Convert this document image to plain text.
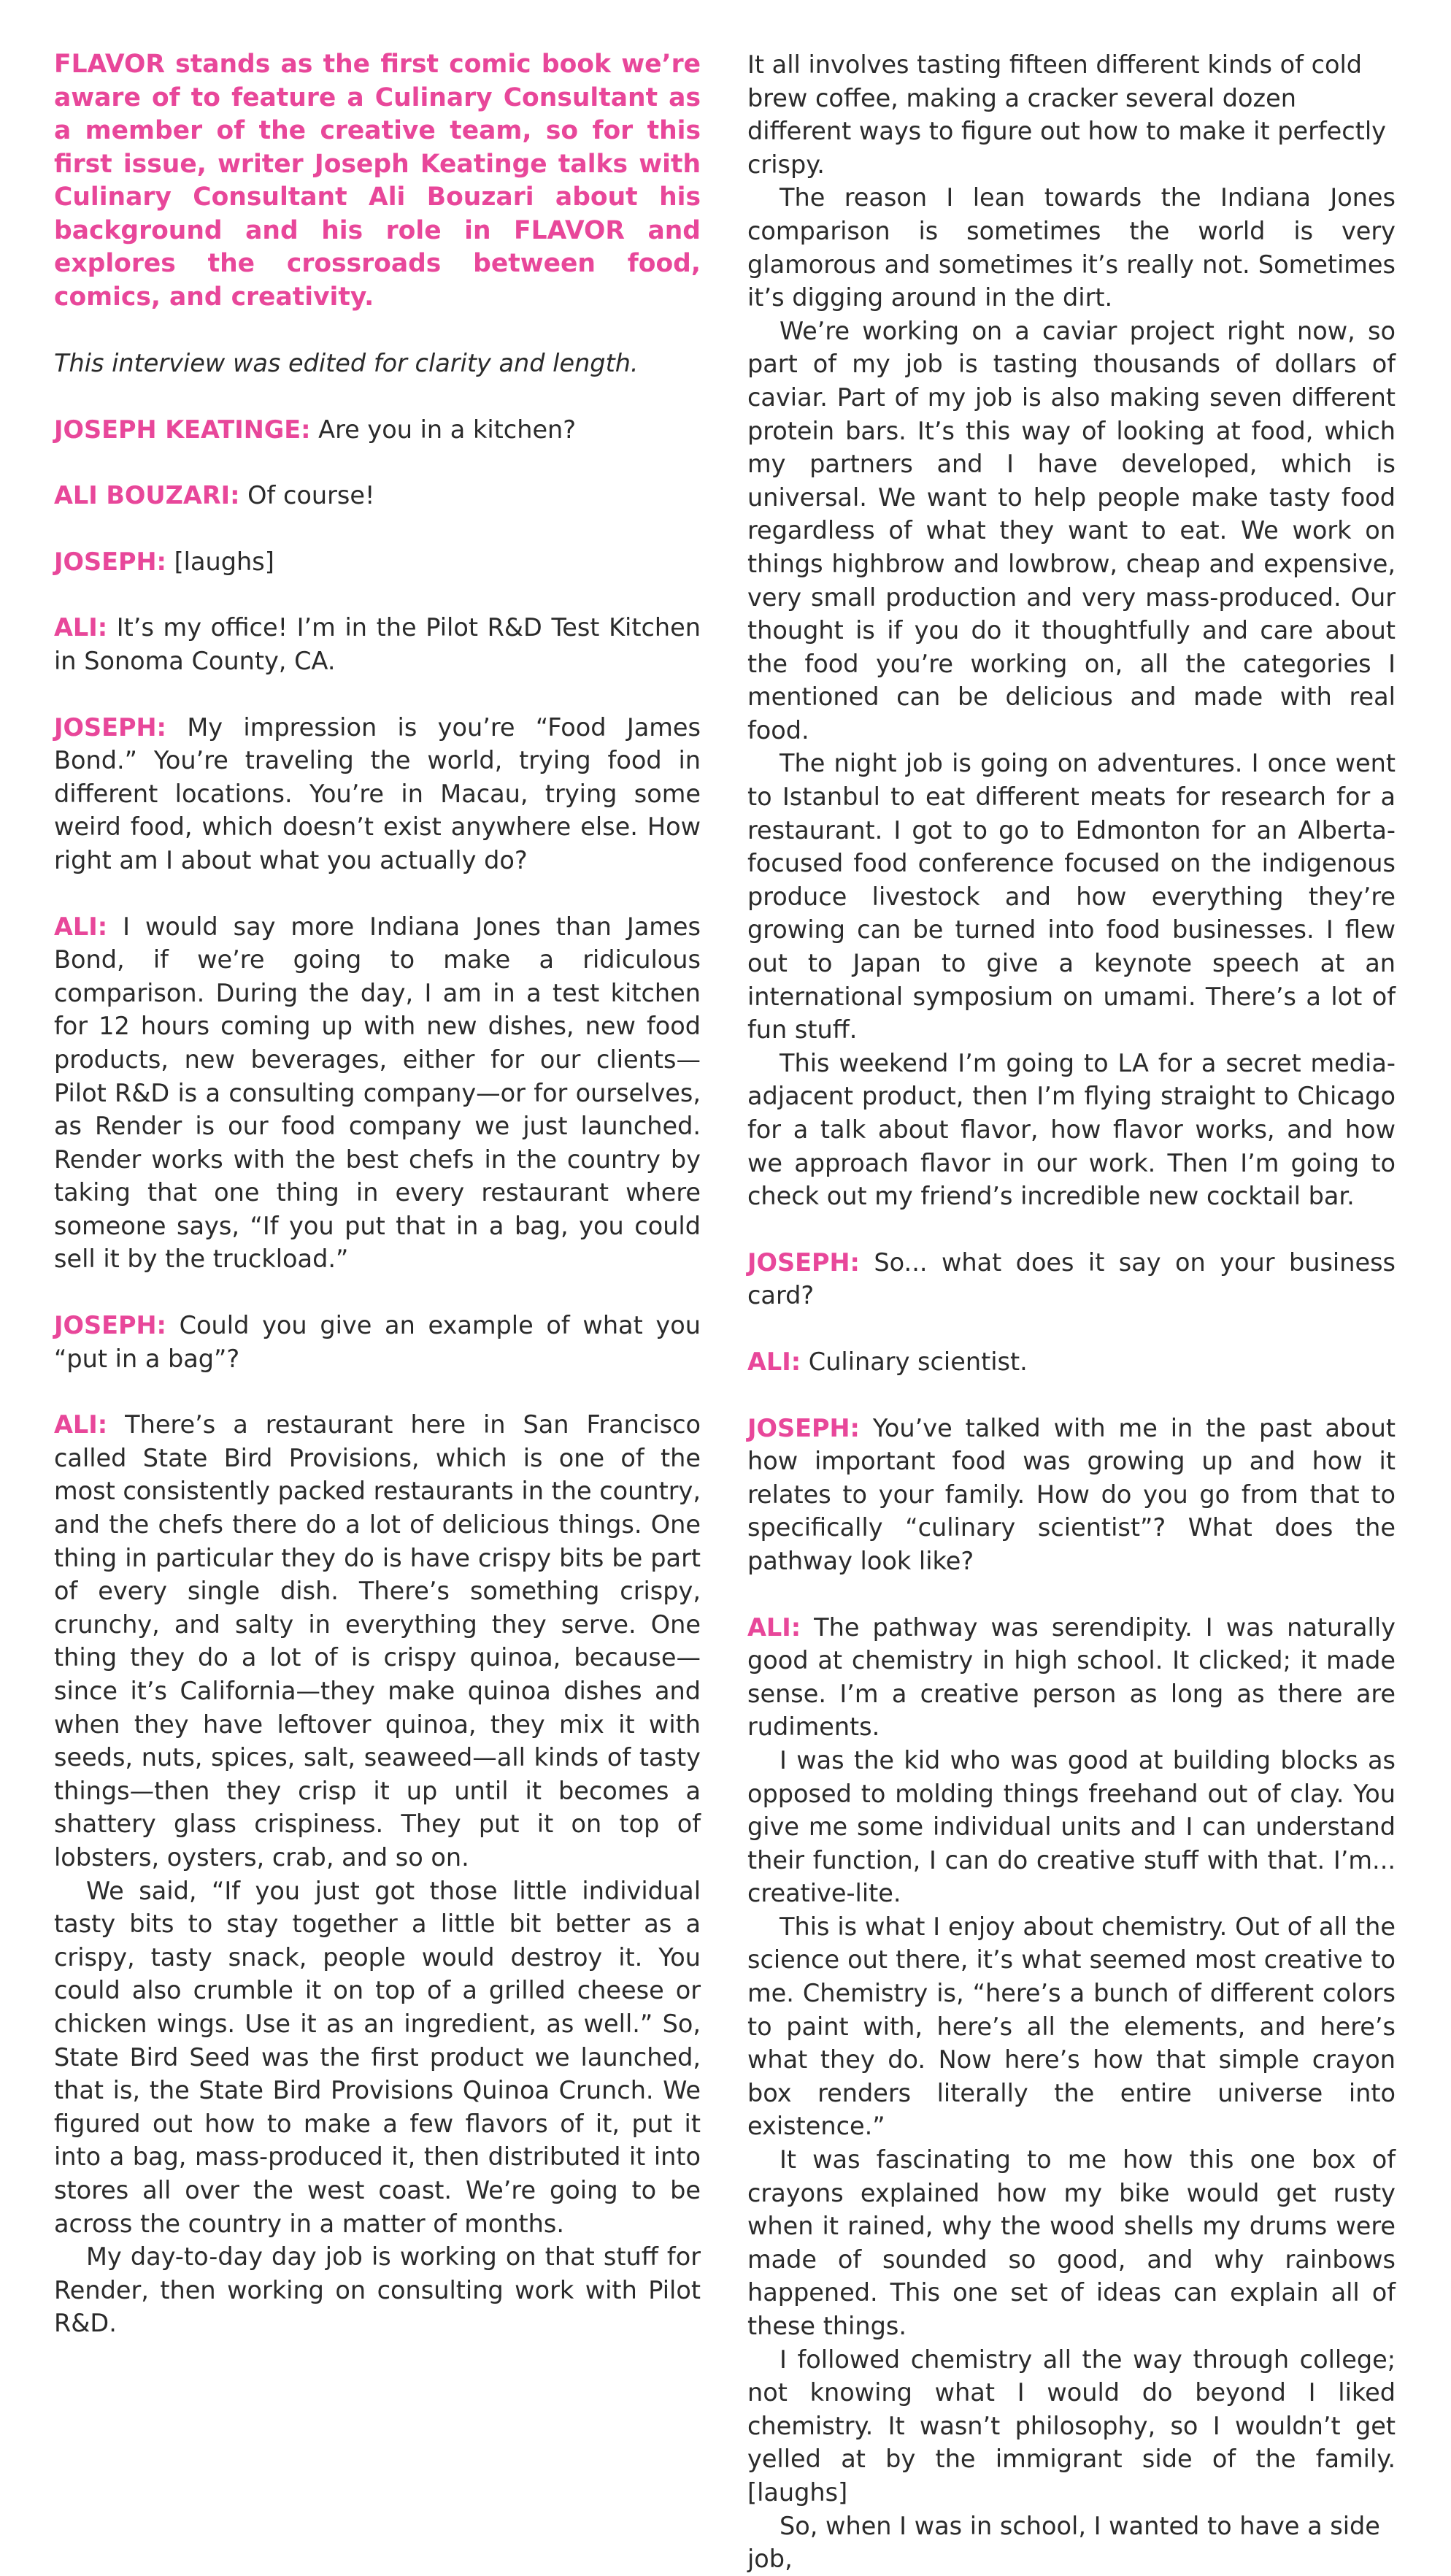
FLAVOR stands as the first comic book we’re aware of to feature a Culinary Consultant as a member of the creative team, so for this first issue, writer Joseph Keatinge talks with Culinary Consultant Ali Bouzari about his background and his role in FLAVOR and explores the crossroads between food, comics, and creativity.

This interview was edited for clarity and length.

JOSEPH KEATINGE: Are you in a kitchen?

ALI BOUZARI: Of course!

JOSEPH: [laughs]

ALI: It’s my office! I’m in the Pilot R&D Test Kitchen in Sonoma County, CA.

JOSEPH: My impression is you’re “Food James Bond.” You’re traveling the world, trying food in different locations. You’re in Macau, trying some weird food, which doesn’t exist anywhere else. How right am I about what you actually do?

ALI: I would say more Indiana Jones than James Bond, if we’re going to make a ridiculous comparison. During the day, I am in a test kitchen for 12 hours coming up with new dishes, new food products, new beverages, either for our clients—Pilot R&D is a consulting company—or for ourselves, as Render is our food company we just launched. Render works with the best chefs in the country by taking that one thing in every restaurant where someone says, “If you put that in a bag, you could sell it by the truckload.”

JOSEPH: Could you give an example of what you “put in a bag”?

ALI: There’s a restaurant here in San Francisco called State Bird Provisions, which is one of the most consistently packed restaurants in the country, and the chefs there do a lot of delicious things. One thing in particular they do is have crispy bits be part of every single dish. There’s something crispy, crunchy, and salty in everything they serve. One thing they do a lot of is crispy quinoa, because—since it’s California—they make quinoa dishes and when they have leftover quinoa, they mix it with seeds, nuts, spices, salt, seaweed—all kinds of tasty things—then they crisp it up until it becomes a shattery glass crispiness. They put it on top of lobsters, oysters, crab, and so on.

We said, “If you just got those little individual tasty bits to stay together a little bit better as a crispy, tasty snack, people would destroy it. You could also crumble it on top of a grilled cheese or chicken wings. Use it as an ingredient, as well.” So, State Bird Seed was the first product we launched, that is, the State Bird Provisions Quinoa Crunch. We figured out how to make a few flavors of it, put it into a bag, mass-produced it, then distributed it into stores all over the west coast. We’re going to be across the country in a matter of months.

My day-to-day day job is working on that stuff for Render, then working on consulting work with Pilot R&D.

It all involves tasting fifteen different kinds of cold brew coffee, making a cracker several dozen different ways to figure out how to make it perfectly crispy.

The reason I lean towards the Indiana Jones comparison is sometimes the world is very glamorous and sometimes it’s really not. Sometimes it’s digging around in the dirt.

We’re working on a caviar project right now, so part of my job is tasting thousands of dollars of caviar. Part of my job is also making seven different protein bars. It’s this way of looking at food, which my partners and I have developed, which is universal. We want to help people make tasty food regardless of what they want to eat. We work on things highbrow and lowbrow, cheap and expensive, very small production and very mass-produced. Our thought is if you do it thoughtfully and care about the food you’re working on, all the categories I mentioned can be delicious and made with real food.

The night job is going on adventures. I once went to Istanbul to eat different meats for research for a restaurant. I got to go to Edmonton for an Alberta-focused food conference focused on the indigenous produce livestock and how everything they’re growing can be turned into food businesses. I flew out to Japan to give a keynote speech at an international symposium on umami. There’s a lot of fun stuff.

This weekend I’m going to LA for a secret media-adjacent product, then I’m flying straight to Chicago for a talk about flavor, how flavor works, and how we approach flavor in our work. Then I’m going to check out my friend’s incredible new cocktail bar.

JOSEPH: So... what does it say on your business card?

ALI: Culinary scientist.

JOSEPH: You’ve talked with me in the past about how important food was growing up and how it relates to your family. How do you go from that to specifically “culinary scientist”? What does the pathway look like?

ALI: The pathway was serendipity. I was naturally good at chemistry in high school. It clicked; it made sense. I’m a creative person as long as there are rudiments.

I was the kid who was good at building blocks as opposed to molding things freehand out of clay. You give me some individual units and I can understand their function, I can do creative stuff with that. I’m... creative-lite.

This is what I enjoy about chemistry. Out of all the science out there, it’s what seemed most creative to me. Chemistry is, “here’s a bunch of different colors to paint with, here’s all the elements, and here’s what they do. Now here’s how that simple crayon box renders literally the entire universe into existence.”

It was fascinating to me how this one box of crayons explained how my bike would get rusty when it rained, why the wood shells my drums were made of sounded so good, and why rainbows happened. This one set of ideas can explain all of these things.

I followed chemistry all the way through college; not knowing what I would do beyond I liked chemistry. It wasn’t philosophy, so I wouldn’t get yelled at by the immigrant side of the family. [laughs]

So, when I was in school, I wanted to have a side job,
